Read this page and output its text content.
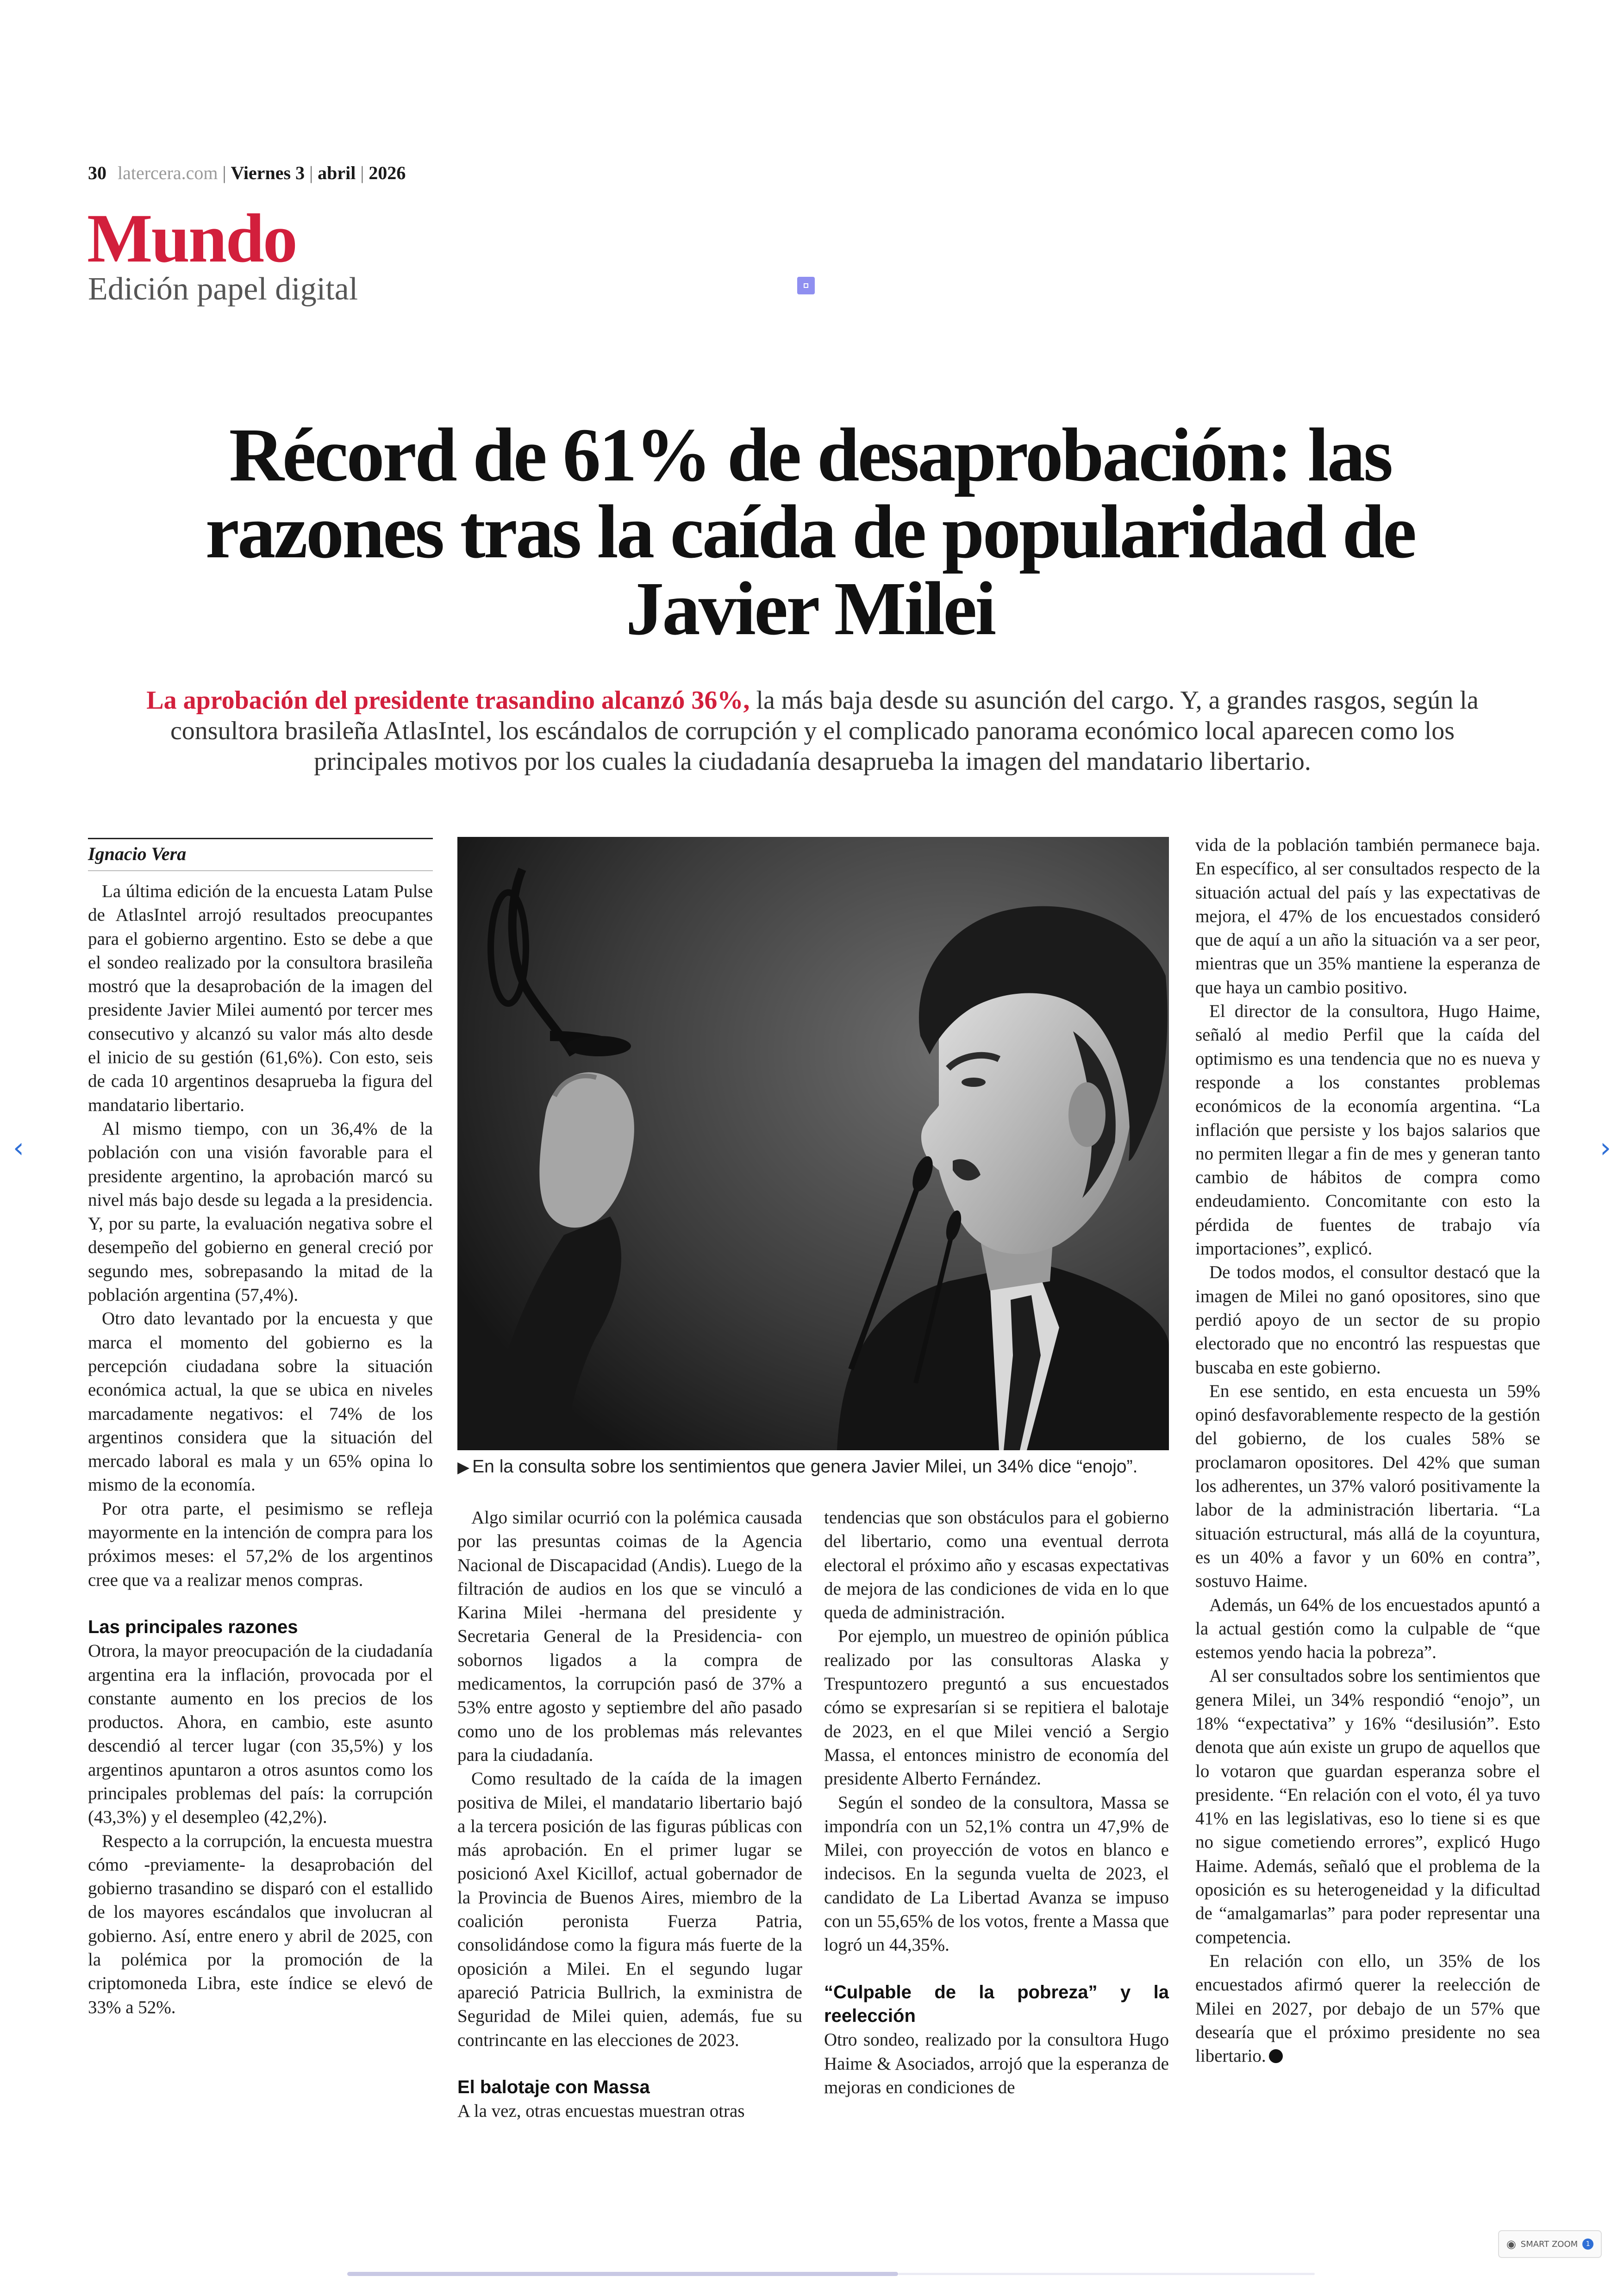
30 latercera.com | Viernes 3 | abril | 2026
Mundo
Edición papel digital
Récord de 61% de desaprobación: las razones tras la caída de popularidad de Javier Milei
La aprobación del presidente trasandino alcanzó 36%, la más baja desde su asunción del cargo. Y, a grandes rasgos, según la consultora brasileña AtlasIntel, los escándalos de corrupción y el complicado panorama económico local aparecen como los principales motivos por los cuales la ciudadanía desaprueba la imagen del mandatario libertario.
Ignacio Vera

La última edición de la encuesta Latam Pulse de AtlasIntel arrojó resultados preocupantes para el gobierno argentino. Esto se debe a que el sondeo realizado por la consultora brasileña mostró que la desaprobación de la imagen del presidente Javier Milei aumentó por tercer mes consecutivo y alcanzó su valor más alto desde el inicio de su gestión (61,6%). Con esto, seis de cada 10 argentinos desaprueba la figura del mandatario libertario.

Al mismo tiempo, con un 36,4% de la población con una visión favorable para el presidente argentino, la aprobación marcó su nivel más bajo desde su legada a la presidencia. Y, por su parte, la evaluación negativa sobre el desempeño del gobierno en general creció por segundo mes, sobrepasando la mitad de la población argentina (57,4%).

Otro dato levantado por la encuesta y que marca el momento del gobierno es la percepción ciudadana sobre la situación económica actual, la que se ubica en niveles marcadamente negativos: el 74% de los argentinos considera que la situación del mercado laboral es mala y un 65% opina lo mismo de la economía.

Por otra parte, el pesimismo se refleja mayormente en la intención de compra para los próximos meses: el 57,2% de los argentinos cree que va a realizar menos compras.

Las principales razones

Otrora, la mayor preocupación de la ciudadanía argentina era la inflación, provocada por el constante aumento en los precios de los productos. Ahora, en cambio, este asunto descendió al tercer lugar (con 35,5%) y los argentinos apuntaron a otros asuntos como los principales problemas del país: la corrupción (43,3%) y el desempleo (42,2%).

Respecto a la corrupción, la encuesta muestra cómo -previamente- la desaprobación del gobierno trasandino se disparó con el estallido de los mayores escándalos que involucran al gobierno. Así, entre enero y abril de 2025, con la polémica por la promoción de la criptomoneda Libra, este índice se elevó de 33% a 52%.

▶ En la consulta sobre los sentimientos que genera Javier Milei, un 34% dice “enojo”.

Algo similar ocurrió con la polémica causada por las presuntas coimas de la Agencia Nacional de Discapacidad (Andis). Luego de la filtración de audios en los que se vinculó a Karina Milei -hermana del presidente y Secretaria General de la Presidencia- con sobornos ligados a la compra de medicamentos, la corrupción pasó de 37% a 53% entre agosto y septiembre del año pasado como uno de los problemas más relevantes para la ciudadanía.

Como resultado de la caída de la imagen positiva de Milei, el mandatario libertario bajó a la tercera posición de las figuras públicas con más aprobación. En el primer lugar se posicionó Axel Kicillof, actual gobernador de la Provincia de Buenos Aires, miembro de la coalición peronista Fuerza Patria, consolidándose como la figura más fuerte de la oposición a Milei. En el segundo lugar apareció Patricia Bullrich, la exministra de Seguridad de Milei quien, además, fue su contrincante en las elecciones de 2023.

El balotaje con Massa

A la vez, otras encuestas muestran otras

tendencias que son obstáculos para el gobierno del libertario, como una eventual derrota electoral el próximo año y escasas expectativas de mejora de las condiciones de vida en lo que queda de administración.

Por ejemplo, un muestreo de opinión pública realizado por las consultoras Alaska y Trespuntozero preguntó a sus encuestados cómo se expresarían si se repitiera el balotaje de 2023, en el que Milei venció a Sergio Massa, el entonces ministro de economía del presidente Alberto Fernández.

Según el sondeo de la consultora, Massa se impondría con un 52,1% contra un 47,9% de Milei, con proyección de votos en blanco e indecisos. En la segunda vuelta de 2023, el candidato de La Libertad Avanza se impuso con un 55,65% de los votos, frente a Massa que logró un 44,35%.

“Culpable de la pobreza” y la reelección

Otro sondeo, realizado por la consultora Hugo Haime & Asociados, arrojó que la esperanza de mejoras en condiciones de

vida de la población también permanece baja. En específico, al ser consultados respecto de la situación actual del país y las expectativas de mejora, el 47% de los encuestados consideró que de aquí a un año la situación va a ser peor, mientras que un 35% mantiene la esperanza de que haya un cambio positivo.

El director de la consultora, Hugo Haime, señaló al medio Perfil que la caída del optimismo es una tendencia que no es nueva y responde a los constantes problemas económicos de la economía argentina. “La inflación que persiste y los bajos salarios que no permiten llegar a fin de mes y generan tanto cambio de hábitos de compra como endeudamiento. Concomitante con esto la pérdida de fuentes de trabajo vía importaciones”, explicó.

De todos modos, el consultor destacó que la imagen de Milei no ganó opositores, sino que perdió apoyo de un sector de su propio electorado que no encontró las respuestas que buscaba en este gobierno.

En ese sentido, en esta encuesta un 59% opinó desfavorablemente respecto de la gestión del gobierno, de los cuales 58% se proclamaron opositores. Del 42% que suman los adherentes, un 37% valoró positivamente la labor de la administración libertaria. “La situación estructural, más allá de la coyuntura, es un 40% a favor y un 60% en contra”, sostuvo Haime.

Además, un 64% de los encuestados apuntó a la actual gestión como la culpable de “que estemos yendo hacia la pobreza”.

Al ser consultados sobre los sentimientos que genera Milei, un 34% respondió “enojo”, un 18% “expectativa” y 16% “desilusión”. Esto denota que aún existe un grupo de aquellos que lo votaron que guardan esperanza sobre el presidente. “En relación con el voto, él ya tuvo 41% en las legislativas, eso lo tiene si es que no sigue cometiendo errores”, explicó Hugo Haime. Además, señaló que el problema de la oposición es su heterogeneidad y la dificultad de “amalgamarlas” para poder representar una competencia.

En relación con ello, un 35% de los encuestados afirmó querer la reelección de Milei en 2027, por debajo de un 57% que desearía que el próximo presidente no sea libertario.

‹	›
◉ SMART ZOOM	1
